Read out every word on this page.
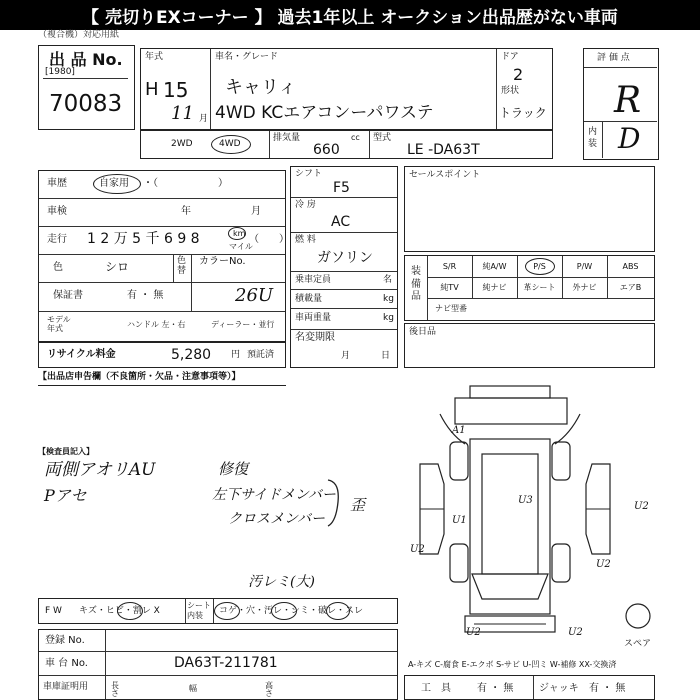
【 売切りEXコーナー 】 過去1年以上 オークション出品歴がない車両
（複合機）対応用紙
出 品 No.
[1980]
70083
年式
H 15
11 月
車名・グレード
キャリィ
4WD KCエアコンーパワステ
ドア
2
形状
トラック
評 価 点
R
内
装 D
2WD	4WD
排気量	cc
660
型式
LE -DA63T
車歴	自家用 ・（　　　　　　）
車検	年	月
走行 1 2 万 5 千 6 9 8	km
マイル
（　　）
色	シロ	色替
カラーNo.
26U
保証書	有 ・ 無
モデル年式	ハンドル 左・右	ディーラー・並行
リサイクル料金	5,280 円 預託済
シフト
F5
冷 房
AC
燃 料
ガソリン
乗車定員	名
積載量	kg
車両重量	kg
名変期限
月	日
セールスポイント
装備品
S/R	純A/W	P/S	P/W	ABS
純TV	純ナビ	革シート	外ナビ	エアB
ナビ型番
後日品
【出品店申告欄（不良箇所・欠品・注意事項等）】
【検査員記入】
両側アオリAU
Pアセ
修復
左下サイドメンバー
クロスメンバー
歪
A1
U1
U2
U2	U2
U2
U2
U3
スペア
F W キズ・ヒビ・割レ X
シート内装	コゲ・穴・汚レ・シミ・破レ・スレ
汚レミ(大)
登録 No.
車 台 No.	DA63T-211781
車庫証明用	長さ
幅	高さ
A-キズ C-腐食 E-エクボ S-サビ U-凹ミ W-補修 XX-交換済
工　具	有 ・ 無	ジャッキ 有 ・ 無
